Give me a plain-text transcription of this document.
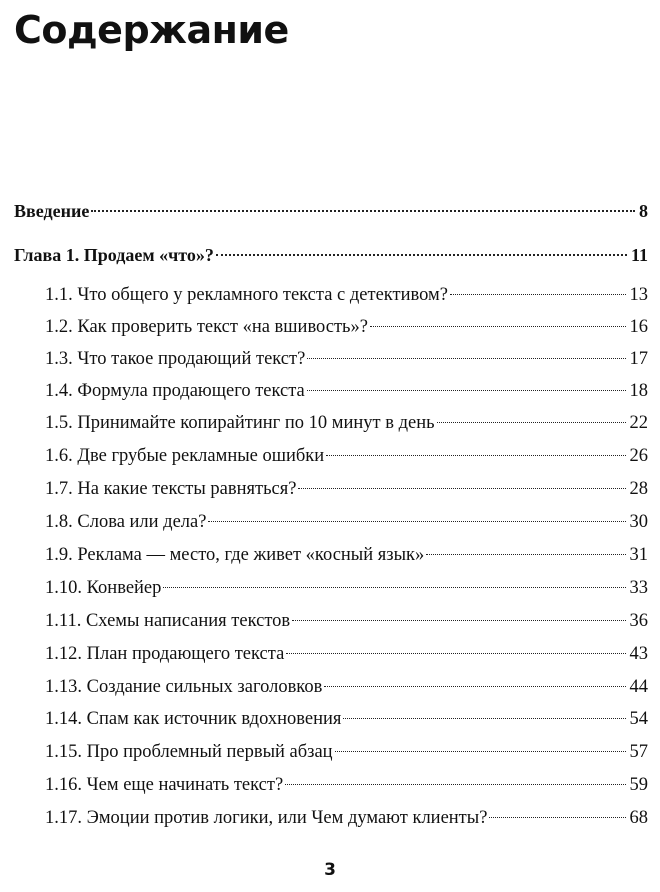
Содержание
Введение	8
Глава 1. Продаем «что»?	11
1.1. Что общего у рекламного текста с детективом?	13
1.2. Как проверить текст «на вшивость»?	16
1.3. Что такое продающий текст?	17
1.4. Формула продающего текста	18
1.5. Принимайте копирайтинг по 10 минут в день	22
1.6. Две грубые рекламные ошибки	26
1.7. На какие тексты равняться?	28
1.8. Слова или дела?	30
1.9. Реклама — место, где живет «косный язык»	31
1.10. Конвейер	33
1.11. Схемы написания текстов	36
1.12. План продающего текста	43
1.13. Создание сильных заголовков	44
1.14. Спам как источник вдохновения	54
1.15. Про проблемный первый абзац	57
1.16. Чем еще начинать текст?	59
1.17. Эмоции против логики, или Чем думают клиенты?	68
3
